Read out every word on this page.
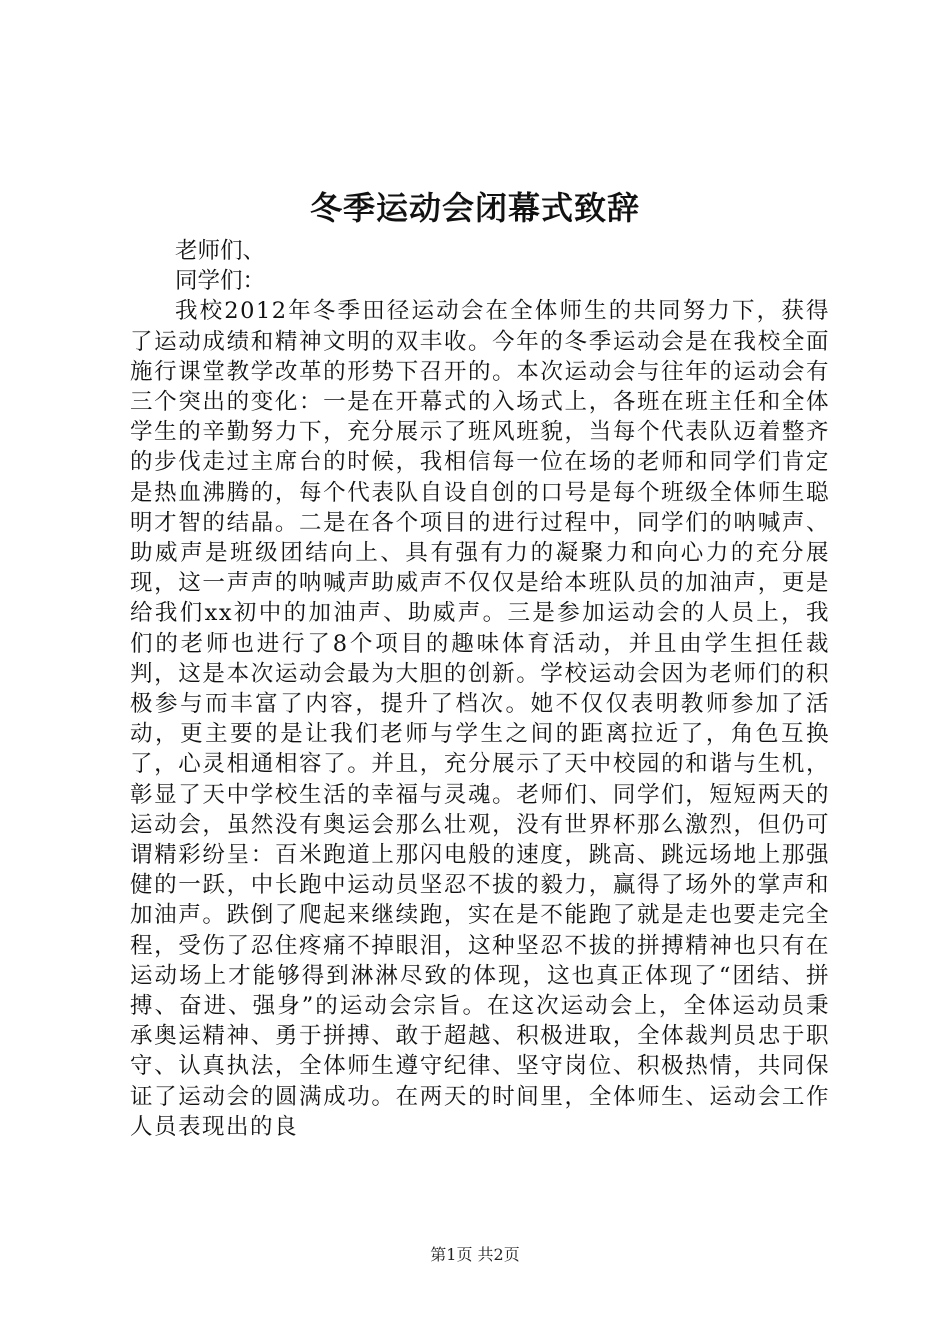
冬季运动会闭幕式致辞

老师们、

同学们：

我校2012年冬季田径运动会在全体师生的共同努力下，获得了运动成绩和精神文明的双丰收。今年的冬季运动会是在我校全面施行课堂教学改革的形势下召开的。本次运动会与往年的运动会有三个突出的变化：一是在开幕式的入场式上，各班在班主任和全体学生的辛勤努力下，充分展示了班风班貌，当每个代表队迈着整齐的步伐走过主席台的时候，我相信每一位在场的老师和同学们肯定是热血沸腾的，每个代表队自设自创的口号是每个班级全体师生聪明才智的结晶。二是在各个项目的进行过程中，同学们的呐喊声、助威声是班级团结向上、具有强有力的凝聚力和向心力的充分展现，这一声声的呐喊声助威声不仅仅是给本班队员的加油声，更是给我们xx初中的加油声、助威声。三是参加运动会的人员上，我们的老师也进行了8个项目的趣味体育活动，并且由学生担任裁判，这是本次运动会最为大胆的创新。学校运动会因为老师们的积极参与而丰富了内容，提升了档次。她不仅仅表明教师参加了活动，更主要的是让我们老师与学生之间的距离拉近了，角色互换了，心灵相通相容了。并且，充分展示了天中校园的和谐与生机，彰显了天中学校生活的幸福与灵魂。老师们、同学们，短短两天的运动会，虽然没有奥运会那么壮观，没有世界杯那么激烈，但仍可谓精彩纷呈：百米跑道上那闪电般的速度，跳高、跳远场地上那强健的一跃，中长跑中运动员坚忍不拔的毅力，赢得了场外的掌声和加油声。跌倒了爬起来继续跑，实在是不能跑了就是走也要走完全程，受伤了忍住疼痛不掉眼泪，这种坚忍不拔的拼搏精神也只有在运动场上才能够得到淋淋尽致的体现，这也真正体现了“团结、拼搏、奋进、强身”的运动会宗旨。在这次运动会上，全体运动员秉承奥运精神、勇于拼搏、敢于超越、积极进取，全体裁判员忠于职守、认真执法，全体师生遵守纪律、坚守岗位、积极热情，共同保证了运动会的圆满成功。在两天的时间里，全体师生、运动会工作人员表现出的良

第1页 共2页
